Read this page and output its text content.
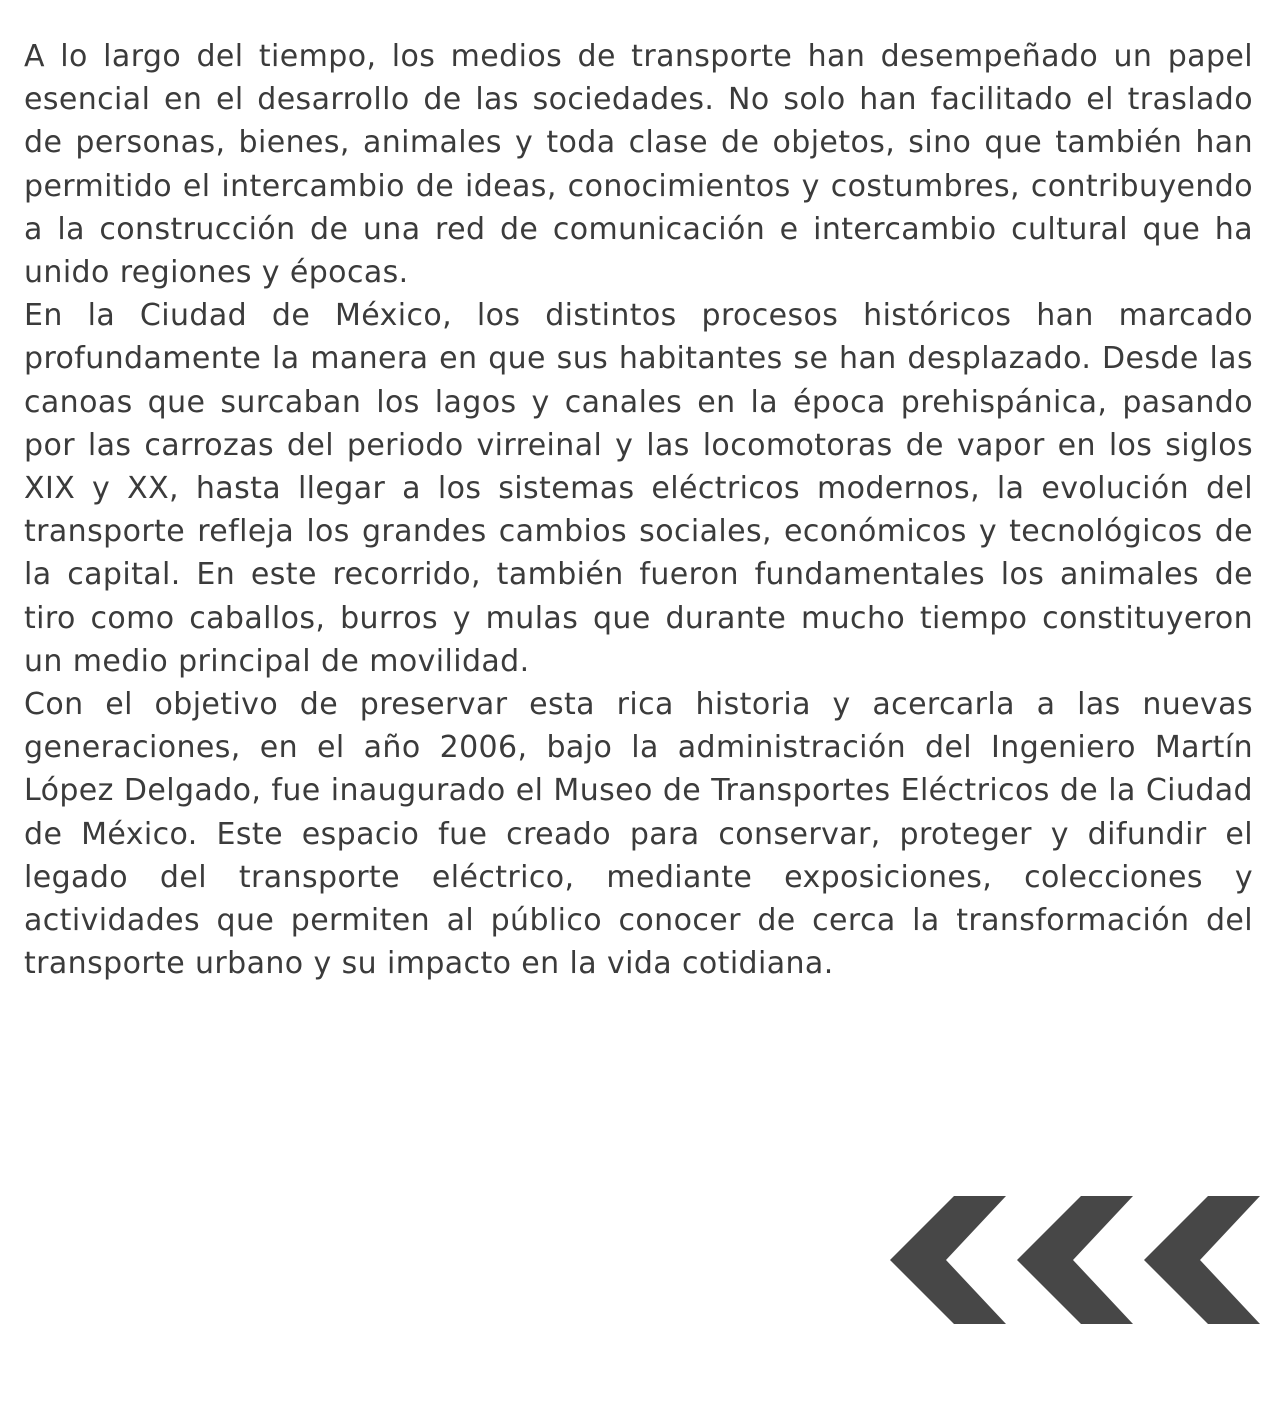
A lo largo del tiempo, los medios de transporte han desempeñado un papel esencial en el desarrollo de las sociedades. No solo han facilitado el traslado de personas, bienes, animales y toda clase de objetos, sino que también han permitido el intercambio de ideas, conocimientos y costumbres, contribuyendo a la construcción de una red de comunicación e intercambio cultural que ha unido regiones y épocas.

En la Ciudad de México, los distintos procesos históricos han marcado profundamente la manera en que sus habitantes se han desplazado. Desde las canoas que surcaban los lagos y canales en la época prehispánica, pasando por las carrozas del periodo virreinal y las locomotoras de vapor en los siglos XIX y XX, hasta llegar a los sistemas eléctricos modernos, la evolución del transporte refleja los grandes cambios sociales, económicos y tecnológicos de la capital. En este recorrido, también fueron fundamentales los animales de tiro como caballos, burros y mulas que durante mucho tiempo constituyeron un medio principal de movilidad.

Con el objetivo de preservar esta rica historia y acercarla a las nuevas generaciones, en el año 2006, bajo la administración del Ingeniero Martín López Delgado, fue inaugurado el Museo de Transportes Eléctricos de la Ciudad de México. Este espacio fue creado para conservar, proteger y difundir el legado del transporte eléctrico, mediante exposiciones, colecciones y actividades que permiten al público conocer de cerca la transformación del transporte urbano y su impacto en la vida cotidiana.
